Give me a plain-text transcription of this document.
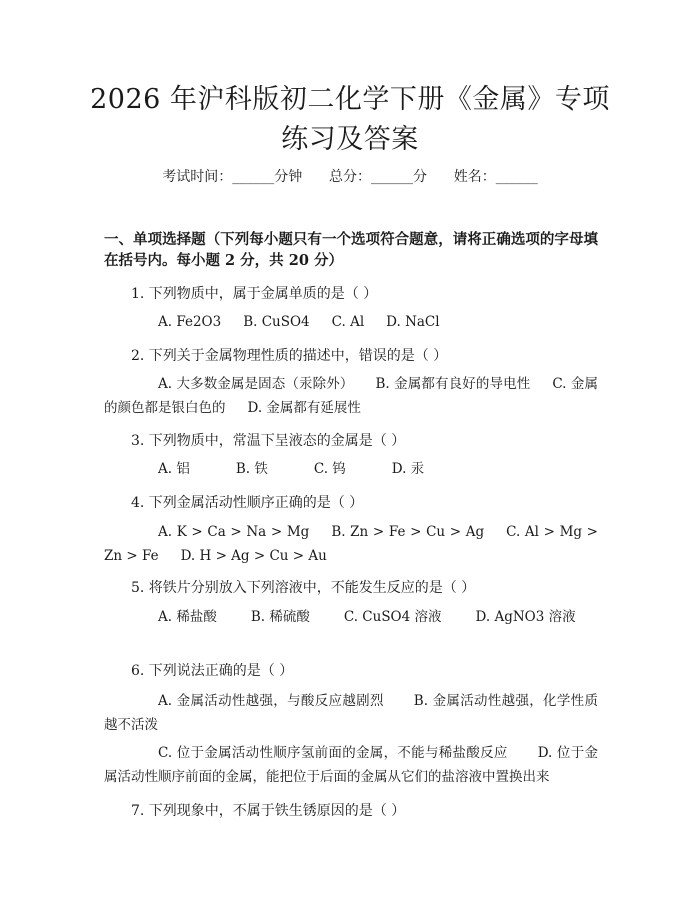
2026 年沪科版初二化学下册《金属》专项练习及答案
考试时间：______分钟      总分：______分      姓名：______
一、单项选择题（下列每小题只有一个选项符合题意，请将正确选项的字母填在括号内。每小题 2 分，共 20 分）
1. 下列物质中，属于金属单质的是（ ）
A. Fe2O3 B. CuSO4 C. Al D. NaCl
2. 下列关于金属物理性质的描述中，错误的是（ ）
A. 大多数金属是固态（汞除外） B. 金属都有良好的导电性 C. 金属的颜色都是银白色的 D. 金属都有延展性
3. 下列物质中，常温下呈液态的金属是（ ）
A. 铝	B. 铁	C. 钨	D. 汞
4. 下列金属活动性顺序正确的是（ ）
A. K > Ca > Na > Mg B. Zn > Fe > Cu > Ag C. Al > Mg > Zn > Fe D. H > Ag > Cu > Au
5. 将铁片分别放入下列溶液中，不能发生反应的是（ ）
A. 稀盐酸	B. 稀硫酸	C. CuSO4 溶液	D. AgNO3 溶液
6. 下列说法正确的是（ ）
A. 金属活动性越强，与酸反应越剧烈 B. 金属活动性越强，化学性质越不活泼
C. 位于金属活动性顺序氢前面的金属，不能与稀盐酸反应 D. 位于金属活动性顺序前面的金属，能把位于后面的金属从它们的盐溶液中置换出来
7. 下列现象中，不属于铁生锈原因的是（ ）
